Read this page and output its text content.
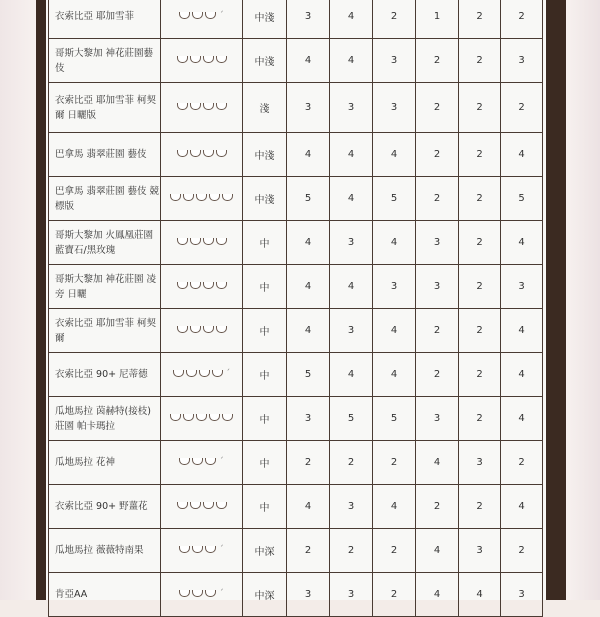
衣索比亞 耶加雪菲	ˊ	中淺	3	4	2	1	2	2
哥斯大黎加 神花莊園藝伎		中淺	4	4	3	2	2	3
衣索比亞 耶加雪菲 柯契爾 日曬版		淺	3	3	3	2	2	2
巴拿馬 翡翠莊園 藝伎		中淺	4	4	4	2	2	4
巴拿馬 翡翠莊園 藝伎 競標版		中淺	5	4	5	2	2	5
哥斯大黎加 火鳳凰莊園 藍寶石/黑玫瑰		中	4	3	4	3	2	4
哥斯大黎加 神花莊園 凌旁 日曬		中	4	4	3	3	2	3
衣索比亞 耶加雪菲 柯契爾		中	4	3	4	2	2	4
衣索比亞 90+ 尼蒂德	ˊ	中	5	4	4	2	2	4
瓜地馬拉 茵赫特(接枝)莊園 帕卡瑪拉		中	3	5	5	3	2	4
瓜地馬拉 花神	ˊ	中	2	2	2	4	3	2
衣索比亞 90+ 野薑花		中	4	3	4	2	2	4
瓜地馬拉 薇薇特南果	ˊ	中深	2	2	2	4	3	2
肯亞AA	ˊ	中深	3	3	2	4	4	3
